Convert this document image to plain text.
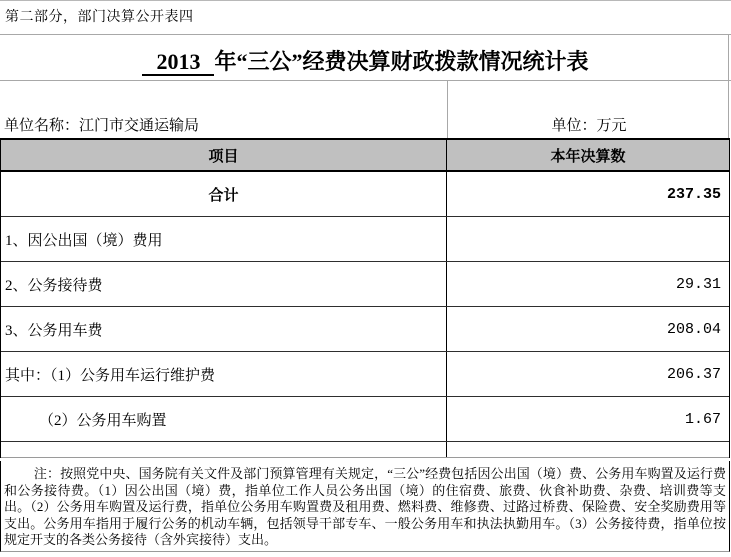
第二部分，部门决算公开表四
2013 年“三公”经费决算财政拨款情况统计表
单位名称：江门市交通运输局	单位：万元
项目	本年决算数
合计	237.35
1、因公出国（境）费用
2、公务接待费	29.31
3、公务用车费	208.04
其中：（1）公务用车运行维护费	206.37
（2）公务用车购置	1.67
注：按照党中央、国务院有关文件及部门预算管理有关规定，“三公”经费包括因公出国（境）费、公务用车购置及运行费和公务接待费。（1）因公出国（境）费，指单位工作人员公务出国（境）的住宿费、旅费、伙食补助费、杂费、培训费等支出。（2）公务用车购置及运行费，指单位公务用车购置费及租用费、燃料费、维修费、过路过桥费、保险费、安全奖励费用等支出。公务用车指用于履行公务的机动车辆，包括领导干部专车、一般公务用车和执法执勤用车。（3）公务接待费，指单位按规定开支的各类公务接待（含外宾接待）支出。
